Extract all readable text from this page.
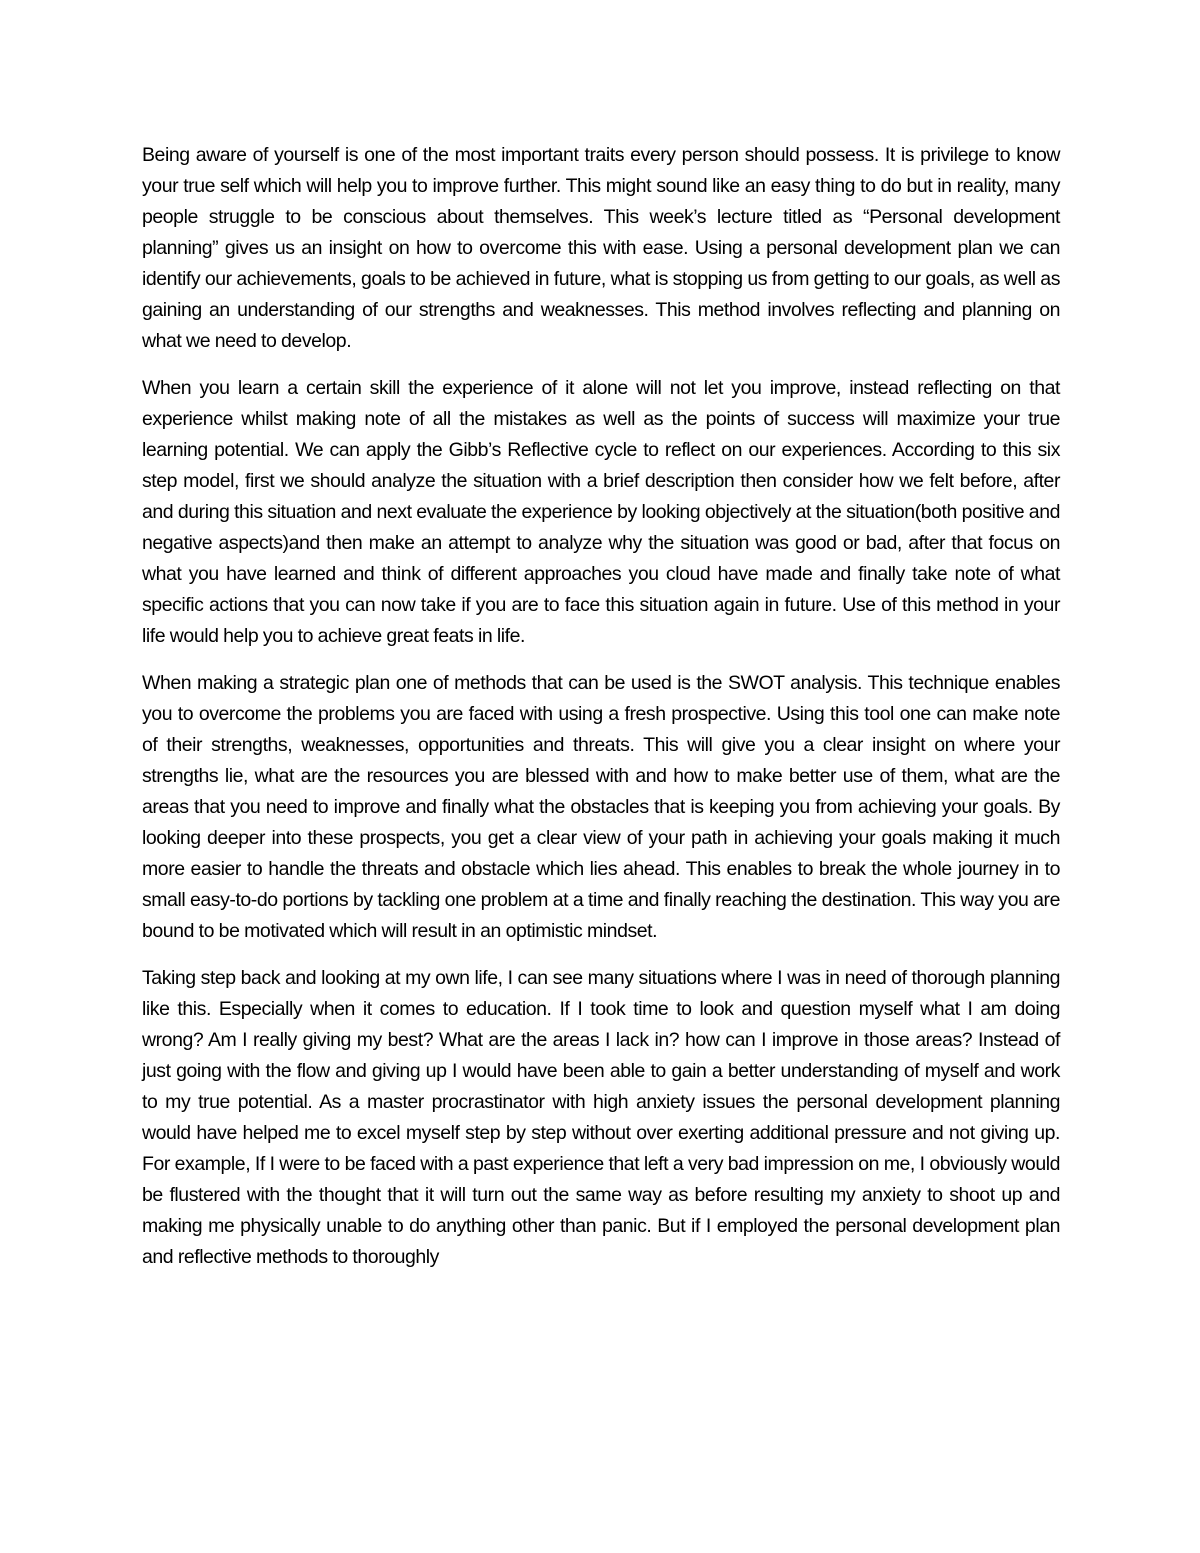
Being aware of yourself is one of the most important traits every person should possess. It is privilege to know your true self which will help you to improve further. This might sound like an easy thing to do but in reality, many people struggle to be conscious about themselves. This week’s lecture titled as “Personal development planning” gives us an insight on how to overcome this with ease. Using a personal development plan we can identify our achievements, goals to be achieved in future, what is stopping us from getting to our goals, as well as gaining an understanding of our strengths and weaknesses. This method involves reflecting and planning on what we need to develop.

When you learn a certain skill the experience of it alone will not let you improve, instead reflecting on that experience whilst making note of all the mistakes as well as the points of success will maximize your true learning potential. We can apply the Gibb’s Reflective cycle to reflect on our experiences. According to this six step model, first we should analyze the situation with a brief description then consider how we felt before, after and during this situation and next evaluate the experience by looking objectively at the situation(both positive and negative aspects)and then make an attempt to analyze why the situation was good or bad, after that focus on what you have learned and think of different approaches you cloud have made and finally take note of what specific actions that you can now take if you are to face this situation again in future. Use of this method in your life would help you to achieve great feats in life.

When making a strategic plan one of methods that can be used is the SWOT analysis. This technique enables you to overcome the problems you are faced with using a fresh prospective. Using this tool one can make note of their strengths, weaknesses, opportunities and threats. This will give you a clear insight on where your strengths lie, what are the resources you are blessed with and how to make better use of them, what are the areas that you need to improve and finally what the obstacles that is keeping you from achieving your goals. By looking deeper into these prospects, you get a clear view of your path in achieving your goals making it much more easier to handle the threats and obstacle which lies ahead. This enables to break the whole journey in to small easy-to-do portions by tackling one problem at a time and finally reaching the destination. This way you are bound to be motivated which will result in an optimistic mindset.

Taking step back and looking at my own life, I can see many situations where I was in need of thorough planning like this. Especially when it comes to education. If I took time to look and question myself what I am doing wrong? Am I really giving my best? What are the areas I lack in? how can I improve in those areas? Instead of just going with the flow and giving up I would have been able to gain a better understanding of myself and work to my true potential. As a master procrastinator with high anxiety issues the personal development planning would have helped me to excel myself step by step without over exerting additional pressure and not giving up. For example, If I were to be faced with a past experience that left a very bad impression on me, I obviously would be flustered with the thought that it will turn out the same way as before resulting my anxiety to shoot up and making me physically unable to do anything other than panic. But if I employed the personal development plan and reflective methods to thoroughly
